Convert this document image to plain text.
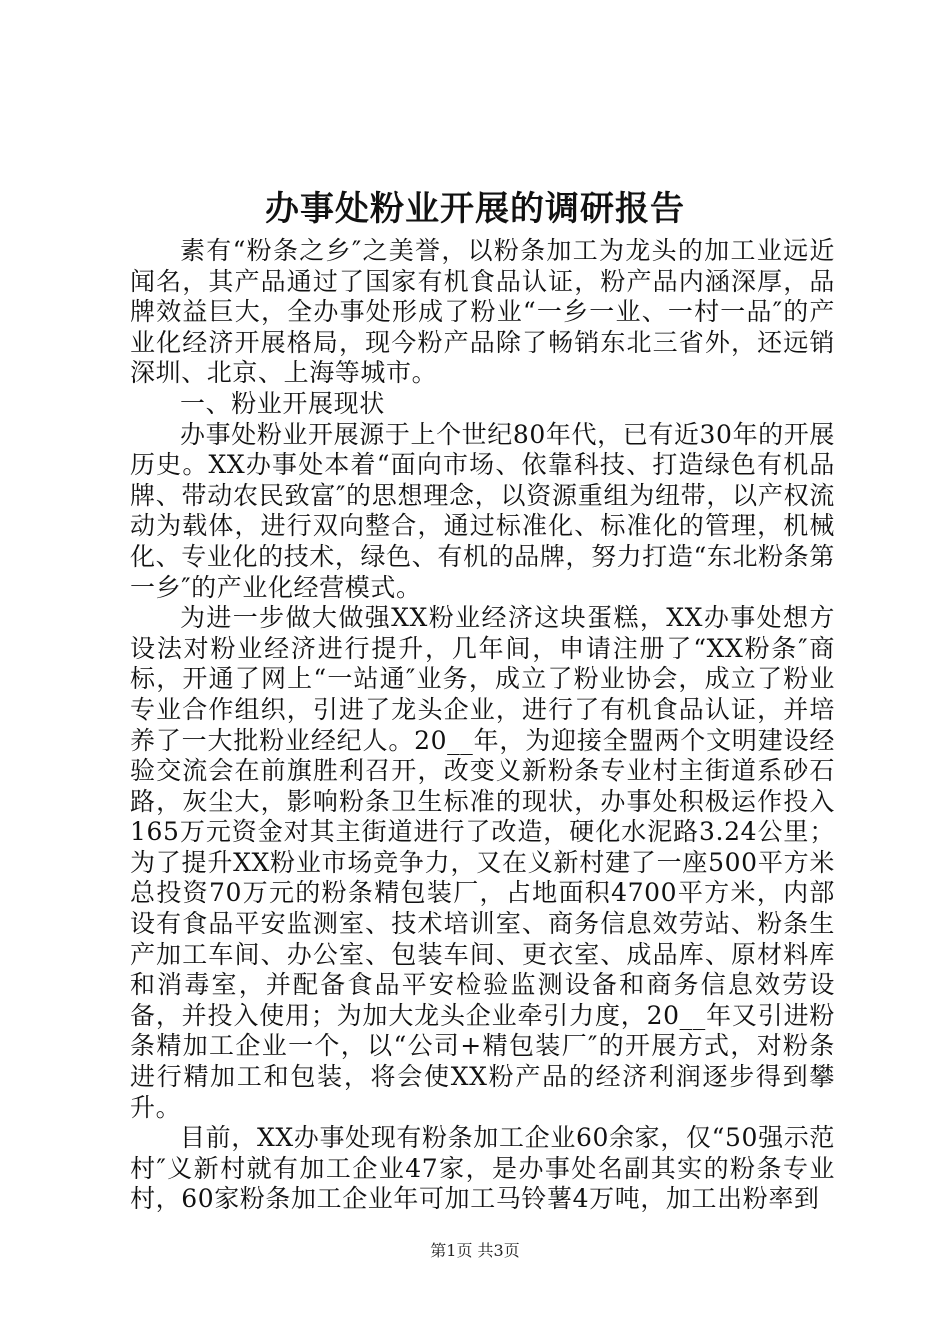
办事处粉业开展的调研报告

素有“粉条之乡″之美誉，以粉条加工为龙头的加工业远近闻名，其产品通过了国家有机食品认证，粉产品内涵深厚，品牌效益巨大，全办事处形成了粉业“一乡一业、一村一品″的产业化经济开展格局，现今粉产品除了畅销东北三省外，还远销深圳、北京、上海等城市。

一、粉业开展现状

办事处粉业开展源于上个世纪80年代，已有近30年的开展历史。XX办事处本着“面向市场、依靠科技、打造绿色有机品牌、带动农民致富″的思想理念，以资源重组为纽带，以产权流动为载体，进行双向整合，通过标准化、标准化的管理，机械化、专业化的技术，绿色、有机的品牌，努力打造“东北粉条第一乡″的产业化经营模式。

为进一步做大做强XX粉业经济这块蛋糕，XX办事处想方设法对粉业经济进行提升，几年间，申请注册了“XX粉条″商标，开通了网上“一站通″业务，成立了粉业协会，成立了粉业专业合作组织，引进了龙头企业，进行了有机食品认证，并培养了一大批粉业经纪人。20__年，为迎接全盟两个文明建设经验交流会在前旗胜利召开，改变义新粉条专业村主街道系砂石路，灰尘大，影响粉条卫生标准的现状，办事处积极运作投入165万元资金对其主街道进行了改造，硬化水泥路3.24公里；为了提升XX粉业市场竞争力，又在义新村建了一座500平方米总投资70万元的粉条精包装厂，占地面积4700平方米，内部设有食品平安监测室、技术培训室、商务信息效劳站、粉条生产加工车间、办公室、包装车间、更衣室、成品库、原材料库和消毒室，并配备食品平安检验监测设备和商务信息效劳设备，并投入使用；为加大龙头企业牵引力度，20__年又引进粉条精加工企业一个，以“公司+精包装厂″的开展方式，对粉条进行精加工和包装，将会使XX粉产品的经济利润逐步得到攀升。

目前，XX办事处现有粉条加工企业60余家，仅“50强示范村″义新村就有加工企业47家，是办事处名副其实的粉条专业村，60家粉条加工企业年可加工马铃薯4万吨，加工出粉率到

第1页 共3页
